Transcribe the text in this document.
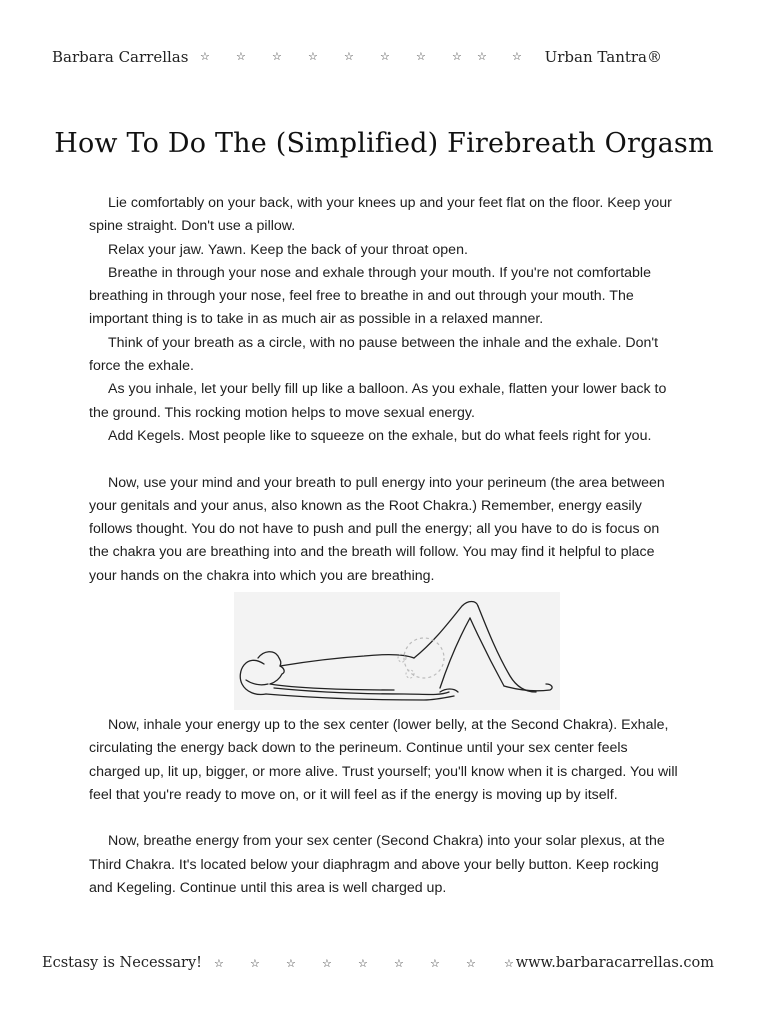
Barbara Carrellas ☆ ☆ ☆ ☆ ☆ ☆ ☆ ☆ ☆ ☆ Urban Tantra®
How To Do The (Simplified) Firebreath Orgasm

Lie comfortably on your back, with your knees up and your feet flat on the floor. Keep your spine straight. Don't use a pillow.

Relax your jaw. Yawn. Keep the back of your throat open.

Breathe in through your nose and exhale through your mouth. If you're not comfortable breathing in through your nose, feel free to breathe in and out through your mouth. The important thing is to take in as much air as possible in a relaxed manner.

Think of your breath as a circle, with no pause between the inhale and the exhale. Don't force the exhale.

As you inhale, let your belly fill up like a balloon. As you exhale, flatten your lower back to the ground. This rocking motion helps to move sexual energy.

Add Kegels. Most people like to squeeze on the exhale, but do what feels right for you.

Now, use your mind and your breath to pull energy into your perineum (the area between your genitals and your anus, also known as the Root Chakra.) Remember, energy easily follows thought. You do not have to push and pull the energy; all you have to do is focus on the chakra you are breathing into and the breath will follow. You may find it helpful to place your hands on the chakra into which you are breathing.

Now, inhale your energy up to the sex center (lower belly, at the Second Chakra). Exhale, circulating the energy back down to the perineum. Continue until your sex center feels charged up, lit up, bigger, or more alive. Trust yourself; you'll know when it is charged. You will feel that you're ready to move on, or it will feel as if the energy is moving up by itself.

Now, breathe energy from your sex center (Second Chakra) into your solar plexus, at the Third Chakra. It's located below your diaphragm and above your belly button. Keep rocking and Kegeling. Continue until this area is well charged up.

Ecstasy is Necessary! ☆ ☆ ☆ ☆ ☆ ☆ ☆ ☆	☆ www.barbaracarrellas.com
